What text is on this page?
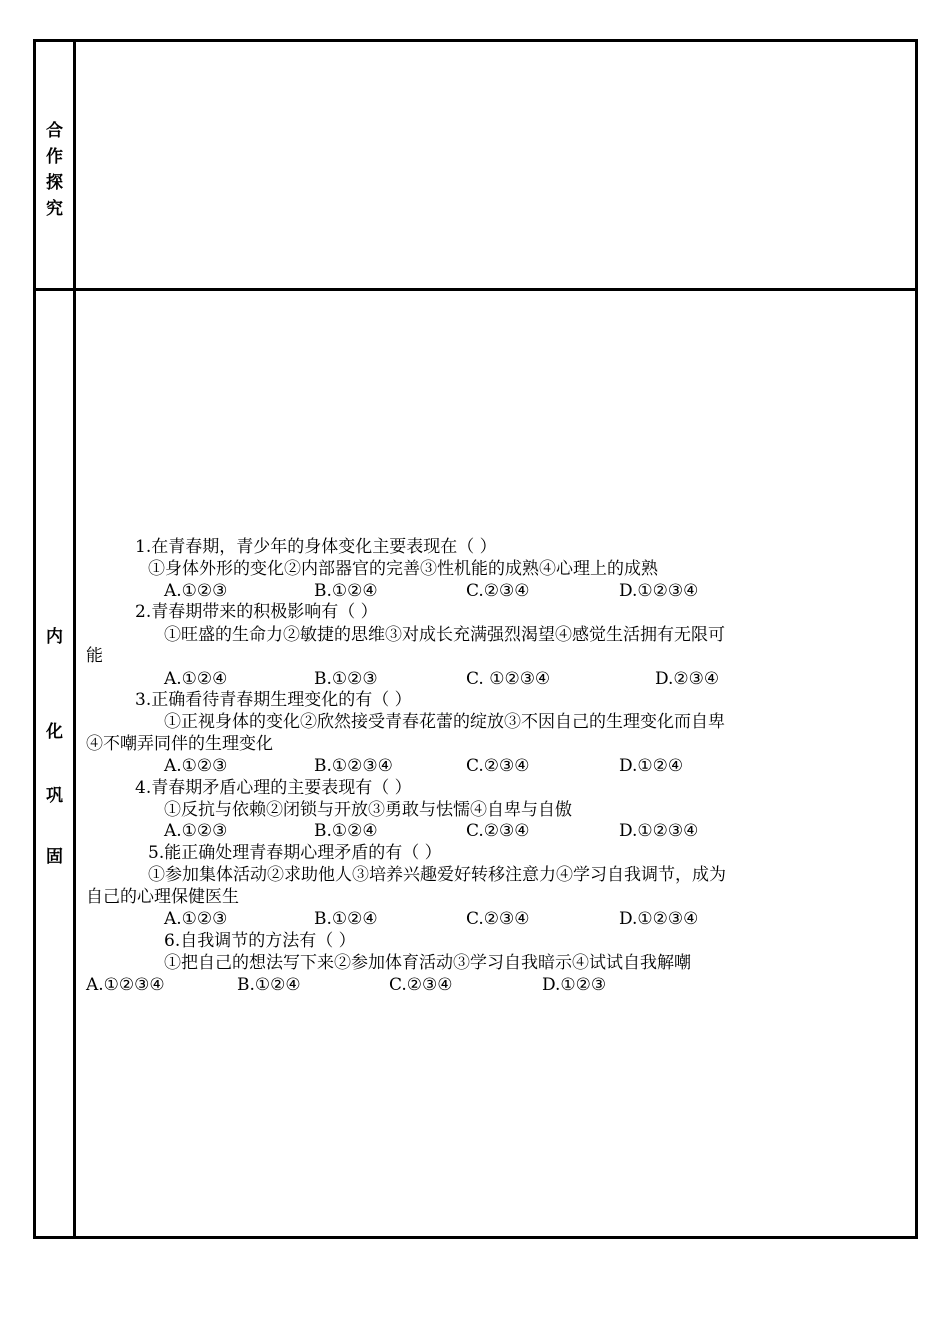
合
作
探
究
内
化
巩
固
1.在青春期，青少年的身体变化主要表现在（ ）
①身体外形的变化②内部器官的完善③性机能的成熟④心理上的成熟
A.①②③	B.①②④	C.②③④	D.①②③④
2.青春期带来的积极影响有（ ）
①旺盛的生命力②敏捷的思维③对成长充满强烈渴望④感觉生活拥有无限可
能
A.①②④	B.①②③	C. ①②③④	D.②③④
3.正确看待青春期生理变化的有（ ）
①正视身体的变化②欣然接受青春花蕾的绽放③不因自己的生理变化而自卑
④不嘲弄同伴的生理变化
A.①②③	B.①②③④	C.②③④	D.①②④
4.青春期矛盾心理的主要表现有（ ）
①反抗与依赖②闭锁与开放③勇敢与怯懦④自卑与自傲
A.①②③	B.①②④	C.②③④	D.①②③④
5.能正确处理青春期心理矛盾的有（ ）
①参加集体活动②求助他人③培养兴趣爱好转移注意力④学习自我调节，成为
自己的心理保健医生
A.①②③	B.①②④	C.②③④	D.①②③④
6.自我调节的方法有（ ）
①把自己的想法写下来②参加体育活动③学习自我暗示④试试自我解嘲
A.①②③④	B.①②④	C.②③④	D.①②③
